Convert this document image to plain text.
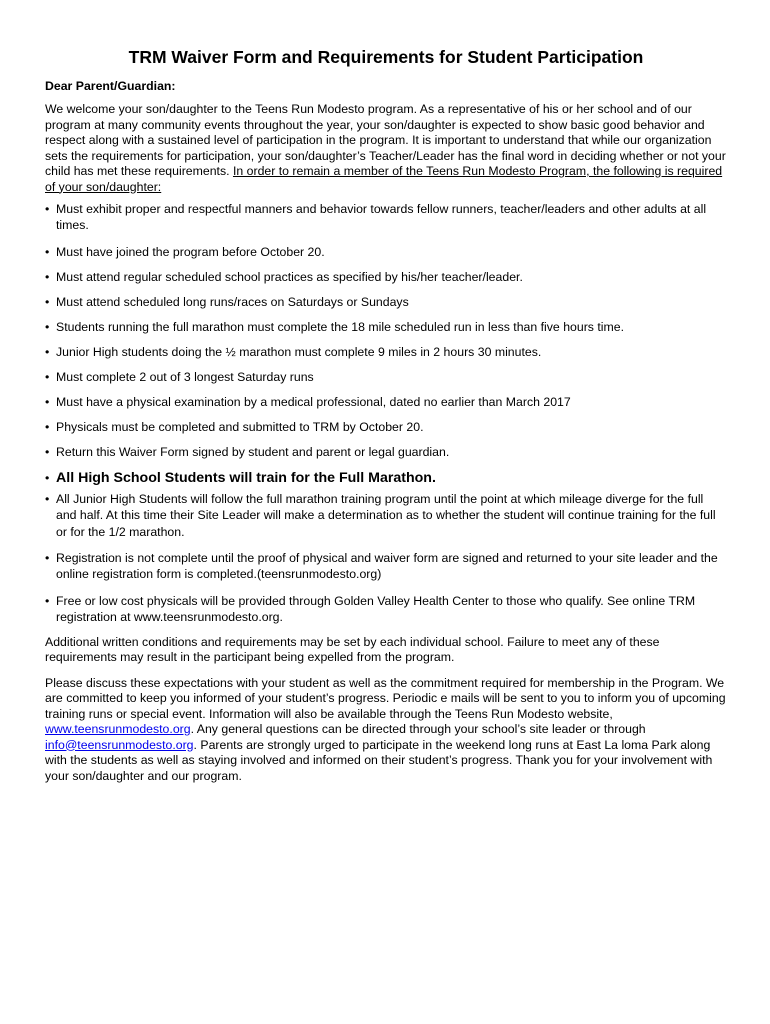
TRM Waiver Form and Requirements for Student Participation
Dear Parent/Guardian:

We welcome your son/daughter to the Teens Run Modesto program. As a representative of his or her school and of our program at many community events throughout the year, your son/daughter is expected to show basic good behavior and respect along with a sustained level of participation in the program. It is important to understand that while our organization sets the requirements for participation, your son/daughter’s Teacher/Leader has the final word in deciding whether or not your child has met these requirements. In order to remain a member of the Teens Run Modesto Program, the following is required of your son/daughter:

• Must exhibit proper and respectful manners and behavior towards fellow runners, teacher/leaders and other adults at all times.
• Must have joined the program before October 20.
• Must attend regular scheduled school practices as specified by his/her teacher/leader.
• Must attend scheduled long runs/races on Saturdays or Sundays
• Students running the full marathon must complete the 18 mile scheduled run in less than five hours time.
• Junior High students doing the ½ marathon must complete 9 miles in 2 hours 30 minutes.
• Must complete 2 out of 3 longest Saturday runs
• Must have a physical examination by a medical professional, dated no earlier than March 2017
• Physicals must be completed and submitted to TRM by October 20.
• Return this Waiver Form signed by student and parent or legal guardian.
• All High School Students will train for the Full Marathon.
• All Junior High Students will follow the full marathon training program until the point at which mileage diverge for the full and half. At this time their Site Leader will make a determination as to whether the student will continue training for the full or for the 1/2 marathon.
• Registration is not complete until the proof of physical and waiver form are signed and returned to your site leader and the online registration form is completed.(teensrunmodesto.org)
• Free or low cost physicals will be provided through Golden Valley Health Center to those who qualify. See online TRM registration at www.teensrunmodesto.org.

Additional written conditions and requirements may be set by each individual school. Failure to meet any of these requirements may result in the participant being expelled from the program.

Please discuss these expectations with your student as well as the commitment required for membership in the Program. We are committed to keep you informed of your student’s progress. Periodic e mails will be sent to you to inform you of upcoming training runs or special event. Information will also be available through the Teens Run Modesto website, www.teensrunmodesto.org. Any general questions can be directed through your school’s site leader or through info@teensrunmodesto.org. Parents are strongly urged to participate in the weekend long runs at East La loma Park along with the students as well as staying involved and informed on their student’s progress. Thank you for your involvement with your son/daughter and our program.
